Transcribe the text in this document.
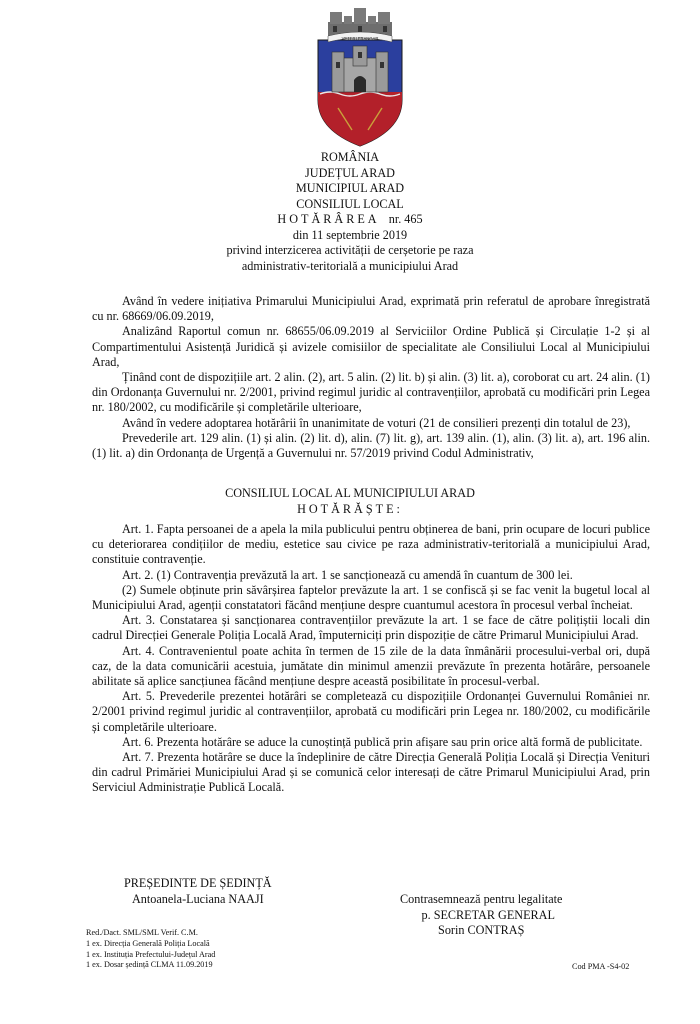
VETERI FRANGAR
ROMÂNIA
JUDEȚUL ARAD
MUNICIPIUL ARAD
CONSILIUL LOCAL
HOTĂRÂREA nr. 465
din 11 septembrie 2019
privind interzicerea activității de cerșetorie pe raza
administrativ-teritorială a municipiului Arad

Având în vedere inițiativa Primarului Municipiului Arad, exprimată prin referatul de aprobare înregistrată cu nr. 68669/06.09.2019,

Analizând Raportul comun nr. 68655/06.09.2019 al Serviciilor Ordine Publică și Circulație 1-2 și al Compartimentului Asistență Juridică și avizele comisiilor de specialitate ale Consiliului Local al Municipiului Arad,

Ținând cont de dispozițiile art. 2 alin. (2), art. 5 alin. (2) lit. b) și alin. (3) lit. a), coroborat cu art. 24 alin. (1) din Ordonanța Guvernului nr. 2/2001, privind regimul juridic al contravențiilor, aprobată cu modificări prin Legea nr. 180/2002, cu modificările și completările ulterioare,

Având în vedere adoptarea hotărârii în unanimitate de voturi (21 de consilieri prezenți din totalul de 23),

Prevederile art. 129 alin. (1) și alin. (2) lit. d), alin. (7) lit. g), art. 139 alin. (1), alin. (3) lit. a), art. 196 alin. (1) lit. a) din Ordonanța de Urgență a Guvernului nr. 57/2019 privind Codul Administrativ,

CONSILIUL LOCAL AL MUNICIPIULUI ARAD
HOTĂRĂȘTE:

Art. 1. Fapta persoanei de a apela la mila publicului pentru obținerea de bani, prin ocupare de locuri publice cu deteriorarea condițiilor de mediu, estetice sau civice pe raza administrativ-teritorială a municipiului Arad, constituie contravenție.

Art. 2. (1) Contravenția prevăzută la art. 1 se sancționează cu amendă în cuantum de 300 lei.

(2) Sumele obținute prin săvârșirea faptelor prevăzute la art. 1 se confiscă și se fac venit la bugetul local al Municipiului Arad, agenții constatatori făcând mențiune despre cuantumul acestora în procesul verbal încheiat.

Art. 3. Constatarea și sancționarea contravențiilor prevăzute la art. 1 se face de către polițiștii locali din cadrul Direcției Generale Poliția Locală Arad, împuterniciți prin dispoziție de către Primarul Municipiului Arad.

Art. 4. Contravenientul poate achita în termen de 15 zile de la data înmânării procesului-verbal ori, după caz, de la data comunicării acestuia, jumătate din minimul amenzii prevăzute în prezenta hotărâre, persoanele abilitate să aplice sancțiunea făcând mențiune despre această posibilitate în procesul-verbal.

Art. 5. Prevederile prezentei hotărâri se completează cu dispozițiile Ordonanței Guvernului României nr. 2/2001 privind regimul juridic al contravențiilor, aprobată cu modificări prin Legea nr. 180/2002, cu modificările și completările ulterioare.

Art. 6. Prezenta hotărâre se aduce la cunoștință publică prin afișare sau prin orice altă formă de publicitate.

Art. 7. Prezenta hotărâre se duce la îndeplinire de către Direcția Generală Poliția Locală și Direcția Venituri din cadrul Primăriei Municipiului Arad și se comunică celor interesați de către Primarul Municipiului Arad, prin Serviciul Administrație Publică Locală.

PREȘEDINTE DE ȘEDINȚĂ
Antoanela-Luciana NAAJI	Contrasemnează pentru legalitate
p. SECRETAR GENERAL
Sorin CONTRAȘ
Red./Dact. SML/SML Verif. C.M.
1 ex. Direcția Generală Poliția Locală
1 ex. Instituția Prefectului-Județul Arad
1 ex. Dosar ședință CLMA 11.09.2019	Cod PMA -S4-02
